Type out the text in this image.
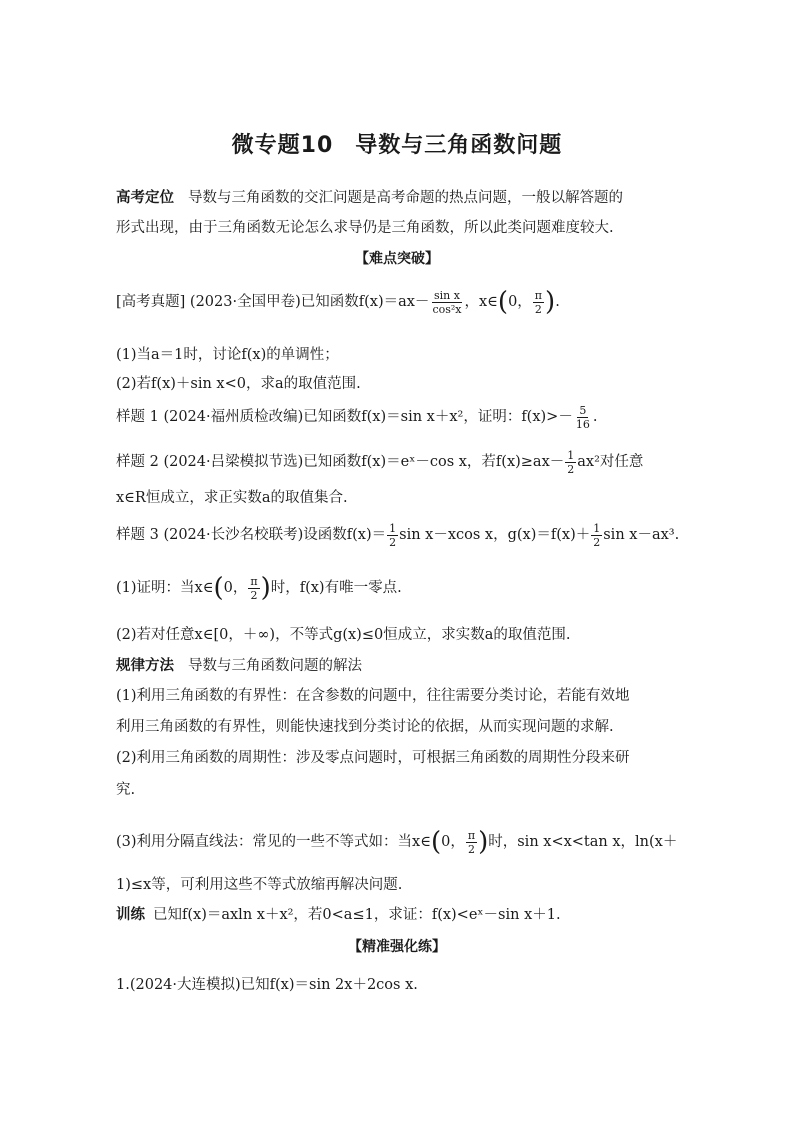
微专题10 导数与三角函数问题
高考定位 导数与三角函数的交汇问题是高考命题的热点问题，一般以解答题的
形式出现，由于三角函数无论怎么求导仍是三角函数，所以此类问题难度较大.
【难点突破】
[高考真题] (2023·全国甲卷)已知函数$f(x)=ax- \frac{\text{sin x}}{\text{cos²x}}$ ，x∈(0， $\frac{\pi}{2}$ ).
(1)当a＝1时，讨论f(x)的单调性；
(2)若f(x)＋sin x<0，求a的取值范围.
样题 1 (2024·福州质检改编)已知函数f(x)＝sin x＋x²，证明：$f(x)>- \frac{5}{16}$ .
样题 2 (2024·吕梁模拟节选)已知函数f(x)＝eˣ－cos x，若$f(x)\ge ax- \frac{1}{2} ax^2$对任意
x∈R恒成立，求正实数a的取值集合.
样题 3 (2024·长沙名校联考)设函数$f(x)= \frac{1}{2}$ sin x－xcos x，$g(x)=f(x)+ \frac{1}{2}$ sin x－ax³.
(1)证明：当x∈(0， $\frac{\pi}{2}$ )时，f(x)有唯一零点.
(2)若对任意x∈[0，＋∞)，不等式g(x)≤0恒成立，求实数a的取值范围.
规律方法 导数与三角函数问题的解法
(1)利用三角函数的有界性：在含参数的问题中，往往需要分类讨论，若能有效地
利用三角函数的有界性，则能快速找到分类讨论的依据，从而实现问题的求解.
(2)利用三角函数的周期性：涉及零点问题时，可根据三角函数的周期性分段来研
究.
(3)利用分隔直线法：常见的一些不等式如：当x∈(0， $\frac{\pi}{2}$ )时，sin x<x<tan x，ln(x＋
1)≤x等，可利用这些不等式放缩再解决问题.
训练 已知f(x)＝axln x＋x²，若0<a≤1，求证：f(x)<eˣ－sin x＋1.
【精准强化练】
1.(2024·大连模拟)已知f(x)＝sin 2x＋2cos x.
